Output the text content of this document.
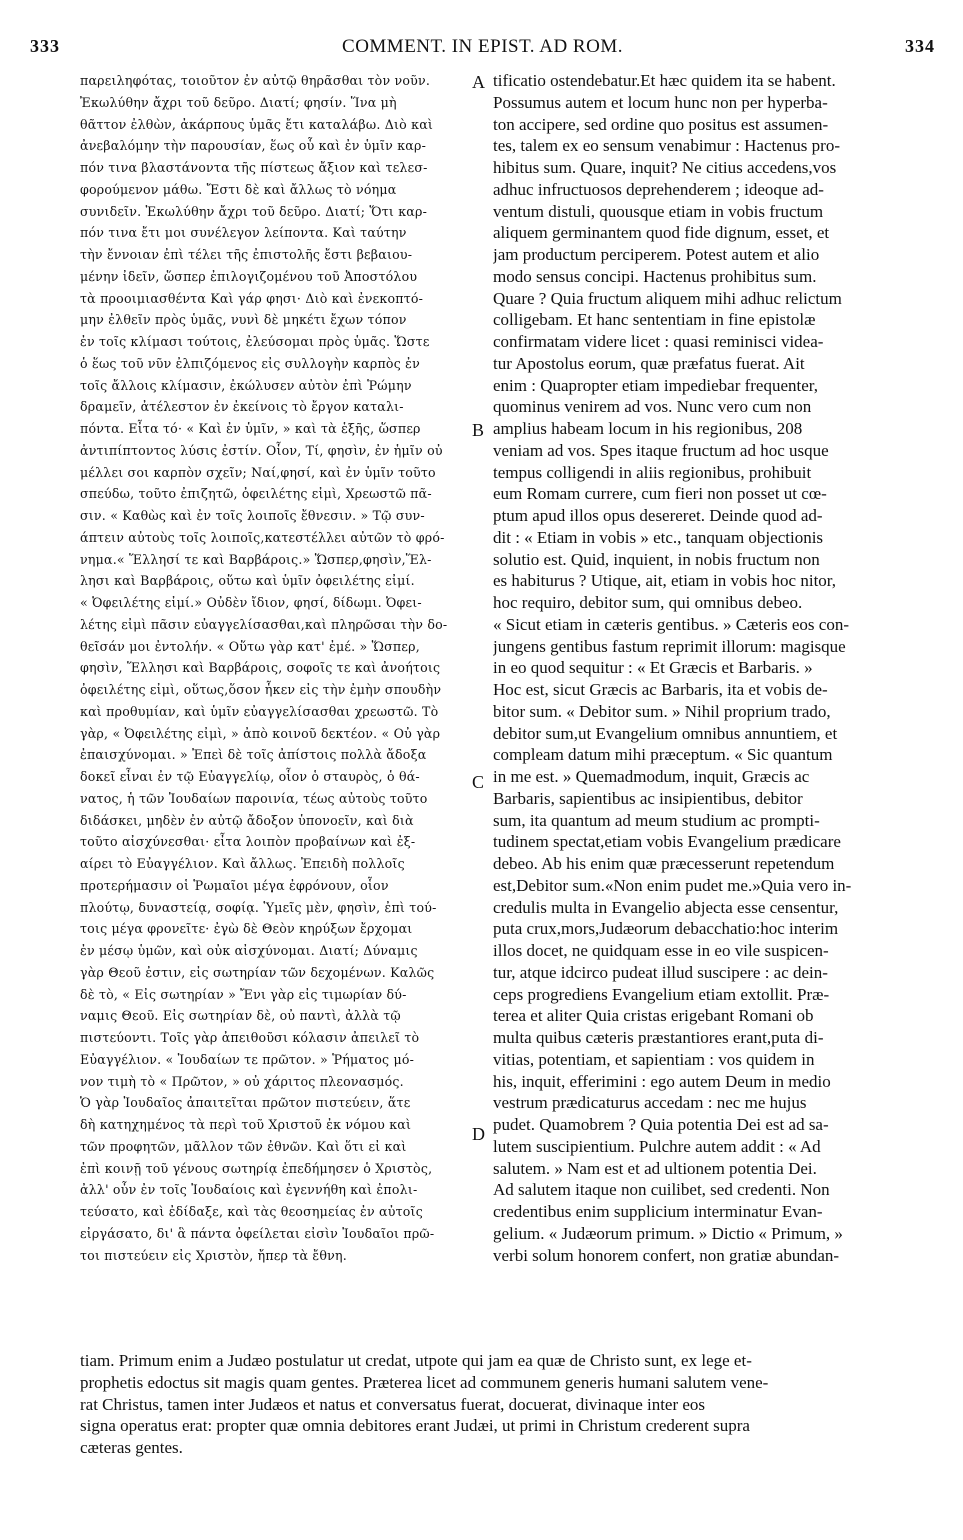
333	COMMENT. IN EPIST. AD ROM.	334
παρειληφότας, τοιοῦτον ἐν αὐτῷ θηρᾶσθαι τὸν νοῦν.
Ἐκωλύθην ἄχρι τοῦ δεῦρο. Διατί; φησίν. Ἵνα μὴ
θᾶττον ἐλθὼν, ἀκάρπους ὑμᾶς ἔτι καταλάβω. Διὸ καὶ
ἀνεβαλόμην τὴν παρουσίαν, ἕως οὗ καὶ ἐν ὑμῖν καρ-
πόν τινα βλαστάνοντα τῆς πίστεως ἄξιον καὶ τελεσ-
φορούμενον μάθω. Ἔστι δὲ καὶ ἄλλως τὸ νόημα
συνιδεῖν. Ἐκωλύθην ἄχρι τοῦ δεῦρο. Διατί; Ὅτι καρ-
πόν τινα ἔτι μοι συνέλεγον λείποντα. Καὶ ταύτην
τὴν ἔννοιαν ἐπὶ τέλει τῆς ἐπιστολῆς ἔστι βεβαιου-
μένην ἰδεῖν, ὥσπερ ἐπιλογιζομένου τοῦ Ἀποστόλου
τὰ προοιμιασθέντα Καὶ γάρ φησι· Διὸ καὶ ἐνεκοπτό-
μην ἐλθεῖν πρὸς ὑμᾶς, νυνὶ δὲ μηκέτι ἔχων τόπον
ἐν τοῖς κλίμασι τούτοις, ἐλεύσομαι πρὸς ὑμᾶς. Ὥστε
ὁ ἕως τοῦ νῦν ἐλπιζόμενος εἰς συλλογὴν καρπὸς ἐν
τοῖς ἄλλοις κλίμασιν, ἐκώλυσεν αὐτὸν ἐπὶ Ῥώμην
δραμεῖν, ἀτέλεστον ἐν ἐκείνοις τὸ ἔργον καταλι-
πόντα. Εἶτα τό· « Καὶ ἐν ὑμῖν, » καὶ τὰ ἑξῆς, ὥσπερ
ἀντιπίπτοντος λύσις ἐστίν. Οἷον, Τί, φησὶν, ἐν ἡμῖν οὐ
μέλλει σοι καρπὸν σχεῖν; Ναί,φησί, καὶ ἐν ὑμῖν τοῦτο
σπεύδω, τοῦτο ἐπιζητῶ, ὀφειλέτης εἰμὶ, Χρεωστῶ πᾶ-
σιν. « Καθὼς καὶ ἐν τοῖς λοιποῖς ἔθνεσιν. » Τῷ συν-
άπτειν αὐτοὺς τοῖς λοιποῖς,κατεστέλλει αὐτῶν τὸ φρό-
νημα.« Ἕλλησί τε καὶ Βαρβάροις.» Ὥσπερ,φησὶν,Ἕλ-
λησι καὶ Βαρβάροις, οὕτω καὶ ὑμῖν ὀφειλέτης εἰμί.
« Ὀφειλέτης εἰμί.» Οὐδὲν ἴδιον, φησί, δίδωμι. Ὀφει-
λέτης εἰμὶ πᾶσιν εὐαγγελίσασθαι,καὶ πληρῶσαι τὴν δο-
θεῖσάν μοι ἐντολήν. « Οὕτω γὰρ κατ' ἐμέ. » Ὥσπερ,
φησὶν, Ἕλλησι καὶ Βαρβάροις, σοφοῖς τε καὶ ἀνοήτοις
ὀφειλέτης εἰμὶ, οὕτως,ὅσον ἧκεν εἰς τὴν ἐμὴν σπουδὴν
καὶ προθυμίαν, καὶ ὑμῖν εὐαγγελίσασθαι χρεωστῶ. Τὸ
γὰρ, « Ὀφειλέτης εἰμὶ, » ἀπὸ κοινοῦ δεκτέον. « Οὐ γὰρ
ἐπαισχύνομαι. » Ἐπεὶ δὲ τοῖς ἀπίστοις πολλὰ ἄδοξα
δοκεῖ εἶναι ἐν τῷ Εὐαγγελίῳ, οἷον ὁ σταυρὸς, ὁ θά-
νατος, ἡ τῶν Ἰουδαίων παροινία, τέως αὐτοὺς τοῦτο
διδάσκει, μηδὲν ἐν αὐτῷ ἄδοξον ὑπονοεῖν, καὶ διὰ
τοῦτο αἰσχύνεσθαι· εἶτα λοιπὸν προβαίνων καὶ ἐξ-
αίρει τὸ Εὐαγγέλιον. Καὶ ἄλλως. Ἐπειδὴ πολλοῖς
προτερήμασιν οἱ Ῥωμαῖοι μέγα ἐφρόνουν, οἷον
πλούτῳ, δυναστείᾳ, σοφίᾳ. Ὑμεῖς μὲν, φησὶν, ἐπὶ τού-
τοις μέγα φρονεῖτε· ἐγὼ δὲ Θεὸν κηρύξων ἔρχομαι
ἐν μέσῳ ὑμῶν, καὶ οὐκ αἰσχύνομαι. Διατί; Δύναμις
γὰρ Θεοῦ ἐστιν, εἰς σωτηρίαν τῶν δεχομένων. Καλῶς
δὲ τὸ, « Εἰς σωτηρίαν » Ἔνι γὰρ εἰς τιμωρίαν δύ-
ναμις Θεοῦ. Εἰς σωτηρίαν δὲ, οὐ παντὶ, ἀλλὰ τῷ
πιστεύοντι. Τοῖς γὰρ ἀπειθοῦσι κόλασιν ἀπειλεῖ τὸ
Εὐαγγέλιον. « Ἰουδαίων τε πρῶτον. » Ῥήματος μό-
νον τιμὴ τὸ « Πρῶτον, » οὐ χάριτος πλεονασμός.
Ὁ γὰρ Ἰουδαῖος ἀπαιτεῖται πρῶτον πιστεύειν, ἅτε
δὴ κατηχημένος τὰ περὶ τοῦ Χριστοῦ ἐκ νόμου καὶ
τῶν προφητῶν, μᾶλλον τῶν ἐθνῶν. Καὶ ὅτι εἰ καὶ
ἐπὶ κοινῇ τοῦ γένους σωτηρίᾳ ἐπεδήμησεν ὁ Χριστὸς,
ἀλλ' οὖν ἐν τοῖς Ἰουδαίοις καὶ ἐγεννήθη καὶ ἐπολι-
τεύσατο, καὶ ἐδίδαξε, καὶ τὰς θεοσημείας ἐν αὐτοῖς
εἰργάσατο, δι' ἃ πάντα ὀφείλεται εἰσὶν Ἰουδαῖοι πρῶ-
τοι πιστεύειν εἰς Χριστὸν, ἤπερ τὰ ἔθνη.
tificatio ostendebatur.Et hæc quidem ita se habent.
Possumus autem et locum hunc non per hyperba-
ton accipere, sed ordine quo positus est assumen-
tes, talem ex eo sensum venabimur : Hactenus pro-
hibitus sum. Quare, inquit? Ne citius accedens,vos
adhuc infructuosos deprehenderem ; ideoque ad-
ventum distuli, quousque etiam in vobis fructum
aliquem germinantem quod fide dignum, esset, et
jam productum perciperem. Potest autem et alio
modo sensus concipi. Hactenus prohibitus sum.
Quare ? Quia fructum aliquem mihi adhuc relictum
colligebam. Et hanc sententiam in fine epistolæ
confirmatam videre licet : quasi reminisci videa-
tur Apostolus eorum, quæ præfatus fuerat. Ait
enim : Quapropter etiam impediebar frequenter,
quominus venirem ad vos. Nunc vero cum non
amplius habeam locum in his regionibus, 208
veniam ad vos. Spes itaque fructum ad hoc usque
tempus colligendi in aliis regionibus, prohibuit
eum Romam currere, cum fieri non posset ut cœ-
ptum apud illos opus desereret. Deinde quod ad-
dit : « Etiam in vobis » etc., tanquam objectionis
solutio est. Quid, inquient, in nobis fructum non
es habiturus ? Utique, ait, etiam in vobis hoc nitor,
hoc requiro, debitor sum, qui omnibus debeo.
« Sicut etiam in cæteris gentibus. » Cæteris eos con-
jungens gentibus fastum reprimit illorum: magisque
in eo quod sequitur : « Et Græcis et Barbaris. »
Hoc est, sicut Græcis ac Barbaris, ita et vobis de-
bitor sum. « Debitor sum. » Nihil proprium trado,
debitor sum,ut Evangelium omnibus annuntiem, et
compleam datum mihi præceptum. « Sic quantum
in me est. » Quemadmodum, inquit, Græcis ac
Barbaris, sapientibus ac insipientibus, debitor
sum, ita quantum ad meum studium ac prompti-
tudinem spectat,etiam vobis Evangelium prædicare
debeo. Ab his enim quæ præcesserunt repetendum
est,Debitor sum.«Non enim pudet me.»Quia vero in-
credulis multa in Evangelio abjecta esse censentur,
puta crux,mors,Judæorum debacchatio:hoc interim
illos docet, ne quidquam esse in eo vile suspicen-
tur, atque idcirco pudeat illud suscipere : ac dein-
ceps progrediens Evangelium etiam extollit. Præ-
terea et aliter Quia cristas erigebant Romani ob
multa quibus cæteris præstantiores erant,puta di-
vitias, potentiam, et sapientiam : vos quidem in
his, inquit, efferimini : ego autem Deum in medio
vestrum prædicaturus accedam : nec me hujus
pudet. Quamobrem ? Quia potentia Dei est ad sa-
lutem suscipientium. Pulchre autem addit : « Ad
salutem. » Nam est et ad ultionem potentia Dei.
Ad salutem itaque non cuilibet, sed credenti. Non
credentibus enim supplicium interminatur Evan-
gelium. « Judæorum primum. » Dictio « Primum, »
verbi solum honorem confert, non gratiæ abundan-
A
B
C
D
tiam. Primum enim a Judæo postulatur ut credat, utpote qui jam ea quæ de Christo sunt, ex lege et-
prophetis edoctus sit magis quam gentes. Præterea licet ad communem generis humani salutem vene-
rat Christus, tamen inter Judæos et natus et conversatus fuerat, docuerat, divinaque inter eos
signa operatus erat: propter quæ omnia debitores erant Judæi, ut primi in Christum crederent supra
cæteras gentes.
